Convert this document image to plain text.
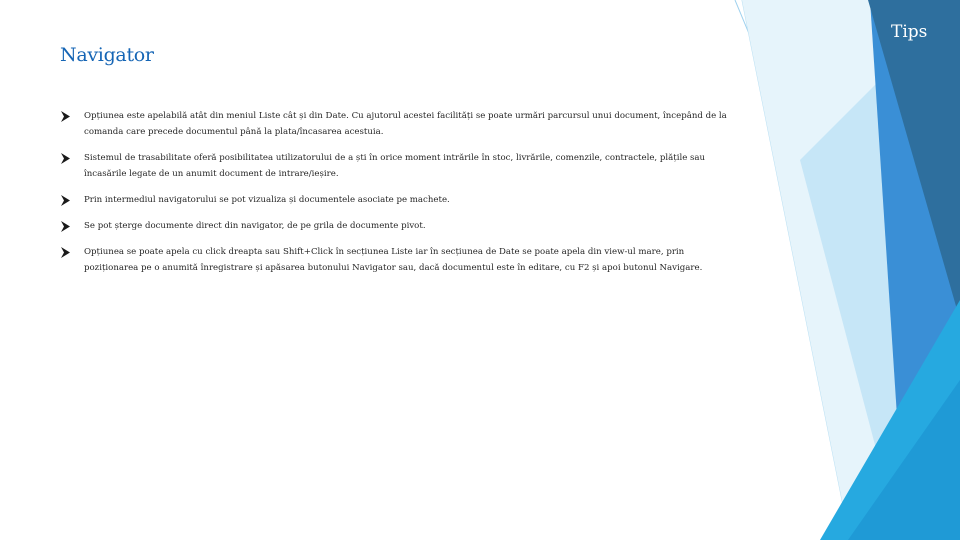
Navigator
Tips
Opțiunea este apelabilă atât din meniul Liste cât și din Date. Cu ajutorul acestei facilități se poate urmări parcursul unui document, începând de la comanda care precede documentul până la plata/încasarea acestuia.
Sistemul de trasabilitate oferă posibilitatea utilizatorului de a ști în orice moment intrările în stoc, livrările, comenzile, contractele, plățile sau încasările legate de un anumit document de intrare/ieșire.
Prin intermediul navigatorului se pot vizualiza și documentele asociate pe machete.
Se pot șterge documente direct din navigator, de pe grila de documente pivot.
Opțiunea se poate apela cu click dreapta sau Shift+Click în secțiunea Liste iar în secțiunea de Date se poate apela din view-ul mare, prin poziționarea pe o anumită înregistrare și apăsarea butonului Navigator sau, dacă documentul este în editare, cu F2 și apoi butonul Navigare.
